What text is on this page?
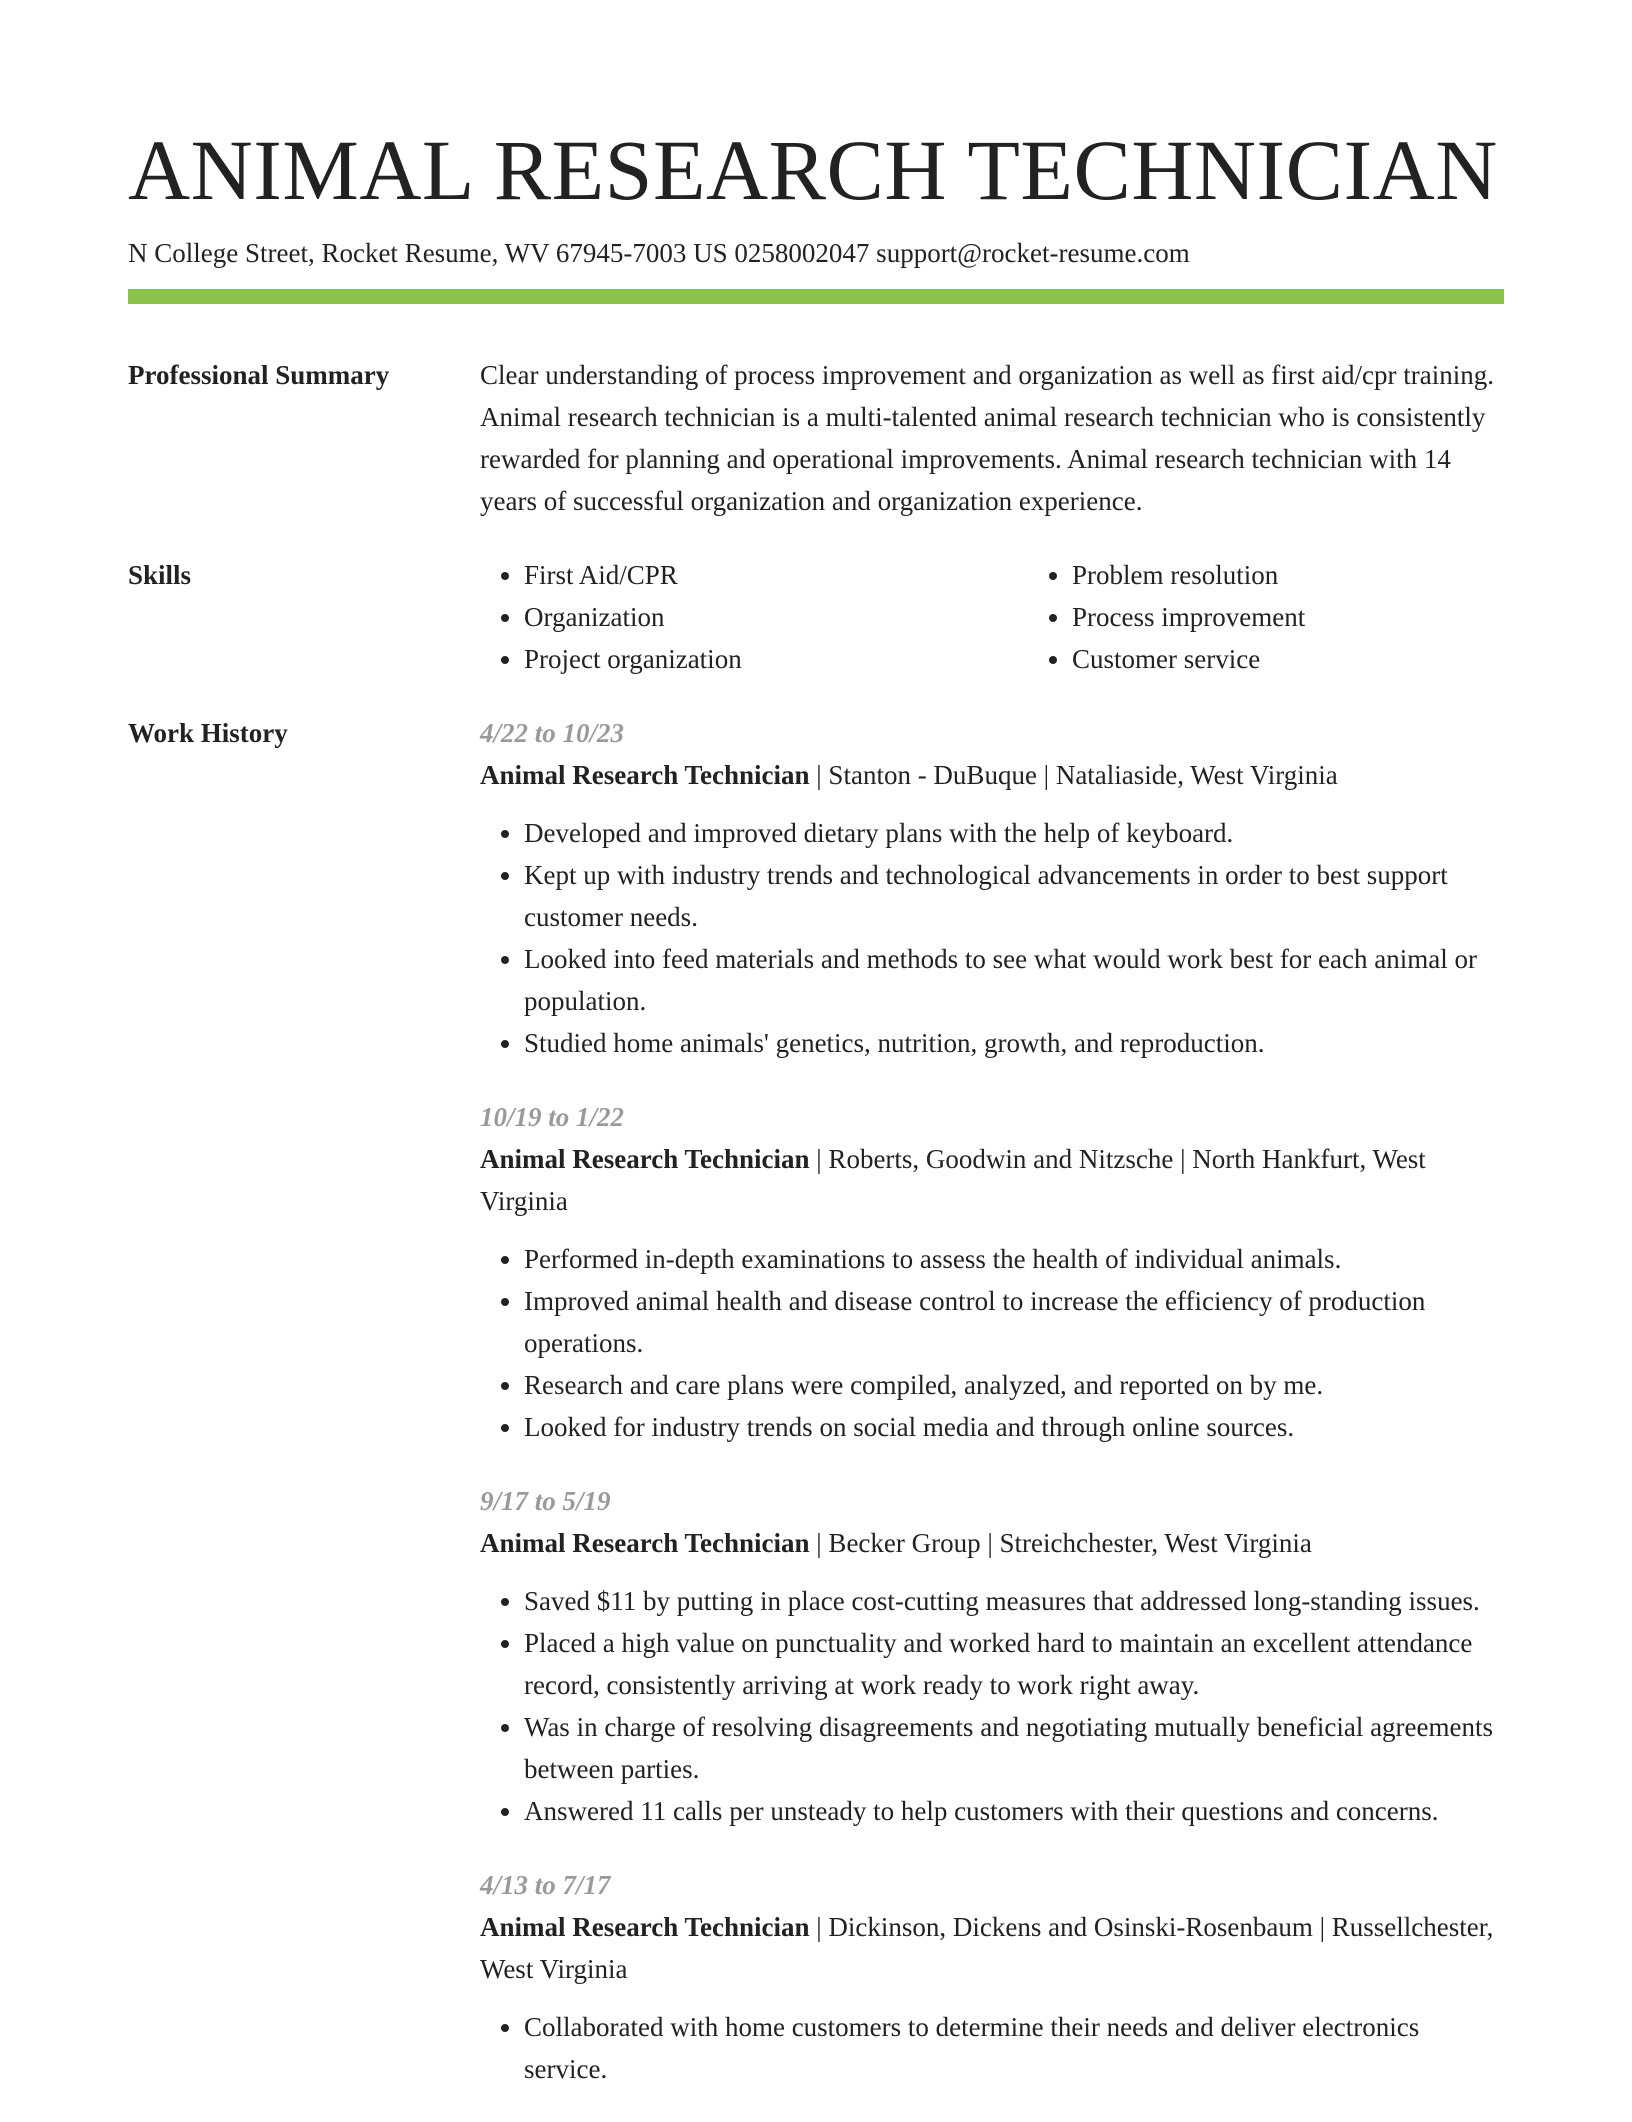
ANIMAL RESEARCH TECHNICIAN
N College Street, Rocket Resume, WV 67945-7003 US 0258002047 support@rocket-resume.com
Professional Summary	Clear understanding of process improvement and organization as well as first aid/cpr training. Animal research technician is a multi-talented animal research technician who is consistently rewarded for planning and operational improvements. Animal research technician with 14 years of successful organization and organization experience.

Skills
•	First Aid/CPR
• Organization
• Project organization
• Problem resolution
• Process improvement
• Customer service
Work History	4/22 to 10/23
Animal Research Technician | Stanton - DuBuque | Nataliaside, West Virginia
• Developed and improved dietary plans with the help of keyboard.
• Kept up with industry trends and technological advancements in order to best support customer needs.
• Looked into feed materials and methods to see what would work best for each animal or population.
• Studied home animals' genetics, nutrition, growth, and reproduction.
10/19 to 1/22
Animal Research Technician | Roberts, Goodwin and Nitzsche | North Hankfurt, West Virginia
• Performed in-depth examinations to assess the health of individual animals.
• Improved animal health and disease control to increase the efficiency of production operations.
• Research and care plans were compiled, analyzed, and reported on by me.
• Looked for industry trends on social media and through online sources.
9/17 to 5/19
Animal Research Technician | Becker Group | Streichchester, West Virginia
• Saved $11 by putting in place cost-cutting measures that addressed long-standing issues.
• Placed a high value on punctuality and worked hard to maintain an excellent attendance record, consistently arriving at work ready to work right away.
• Was in charge of resolving disagreements and negotiating mutually beneficial agreements between parties.
• Answered 11 calls per unsteady to help customers with their questions and concerns.
4/13 to 7/17
Animal Research Technician | Dickinson, Dickens and Osinski-Rosenbaum | Russellchester, West Virginia
• Collaborated with home customers to determine their needs and deliver electronics service.
